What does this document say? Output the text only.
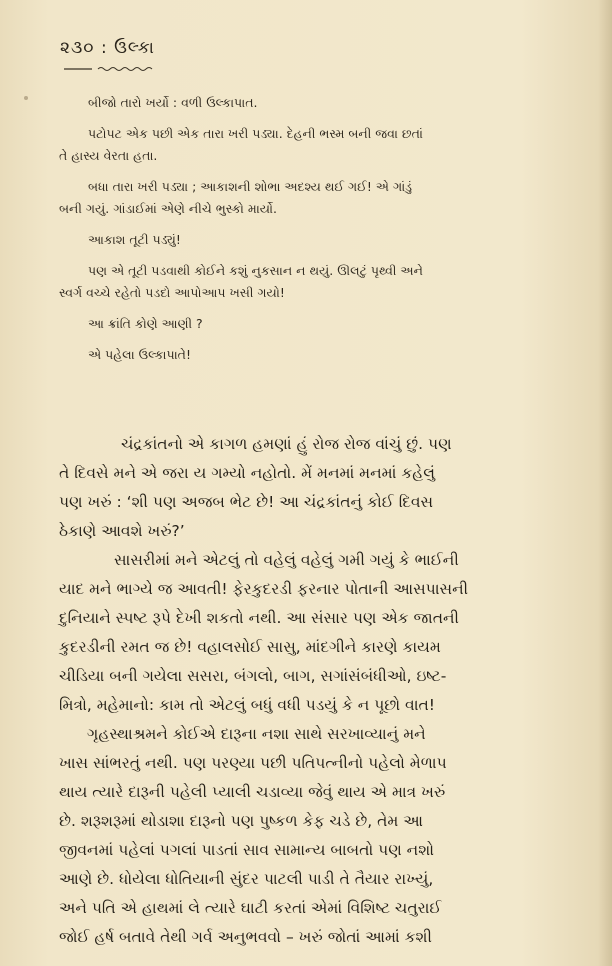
૨૩૦ : ઉલ્કા

બીજો તારો ખર્યો : વળી ઉલ્કાપાત.

પટોપટ એક પછી એક તારા ખરી પડ્યા. દેહની ભસ્મ બની જવા છતાં

તે હાસ્ય વેરતા હતા.

બધા તારા ખરી પડ્યા ; આકાશની શોભા અદશ્ય થઈ ગઈ! એ ગાંડું

બની ગયું. ગાંડાઈમાં એણે નીચે ભુસ્કો માર્યો.

આકાશ તૂટી પડ્યું!

પણ એ તૂટી પડવાથી કોઈને કશું નુકસાન ન થયું. ઊલટું પૃથ્વી અને

સ્વર્ગ વચ્ચે રહેતો પડદો આપોઆપ ખસી ગયો!

આ ક્રાંતિ કોણે આણી ?

એ પહેલા ઉલ્કાપાતે!

ચંદ્રકાંતનો એ કાગળ હમણાં હું રોજ રોજ વાંચું છું. પણ

તે દિવસે મને એ જરા ય ગમ્યો નહોતો. મેં મનમાં મનમાં કહેલું

પણ ખરું : ‘શી પણ અજબ ભેટ છે! આ ચંદ્રકાંતનું કોઈ દિવસ

ઠેકાણે આવશે ખરું?’

સાસરીમાં મને એટલું તો વહેલું વહેલું ગમી ગયું કે ભાઈની

યાદ મને ભાગ્યે જ આવતી! ફેરકુદરડી ફરનાર પોતાની આસપાસની

દુનિયાને સ્પષ્ટ રૂપે દેખી શકતો નથી. આ સંસાર પણ એક જાતની

કુદરડીની રમત જ છે! વહાલસોઈ સાસુ, માંદગીને કારણે કાયમ

ચીડિયા બની ગયેલા સસરા, બંગલો, બાગ, સગાંસંબંધીઓ, ઇષ્ટ-

મિત્રો, મહેમાનો: કામ તો એટલું બધું વધી પડયું કે ન પૂછો વાત!

ગૃહસ્થાશ્રમને કોઈએ દારૂના નશા સાથે સરખાવ્યાનું મને

ખાસ સાંભરતું નથી. પણ પરણ્યા પછી પતિપત્નીનો પહેલો મેળાપ

થાય ત્યારે દારૂની પહેલી પ્યાલી ચડાવ્યા જેવું થાય એ માત્ર ખરું

છે. શરૂશરૂમાં થોડાશા દારૂનો પણ પુષ્કળ કેફ ચડે છે, તેમ આ

જીવનમાં પહેલાં પગલાં પાડતાં સાવ સામાન્ય બાબતો પણ નશો

આણે છે. ધોયેલા ધોતિયાની સુંદર પાટલી પાડી તે તૈયાર રાખ્યું,

અને પતિ એ હાથમાં લે ત્યારે ઘાટી કરતાં એમાં વિશિષ્ટ ચતુરાઈ

જોઈ હર્ષ બતાવે તેથી ગર્વ અનુભવવો – ખરું જોતાં આમાં કશી
